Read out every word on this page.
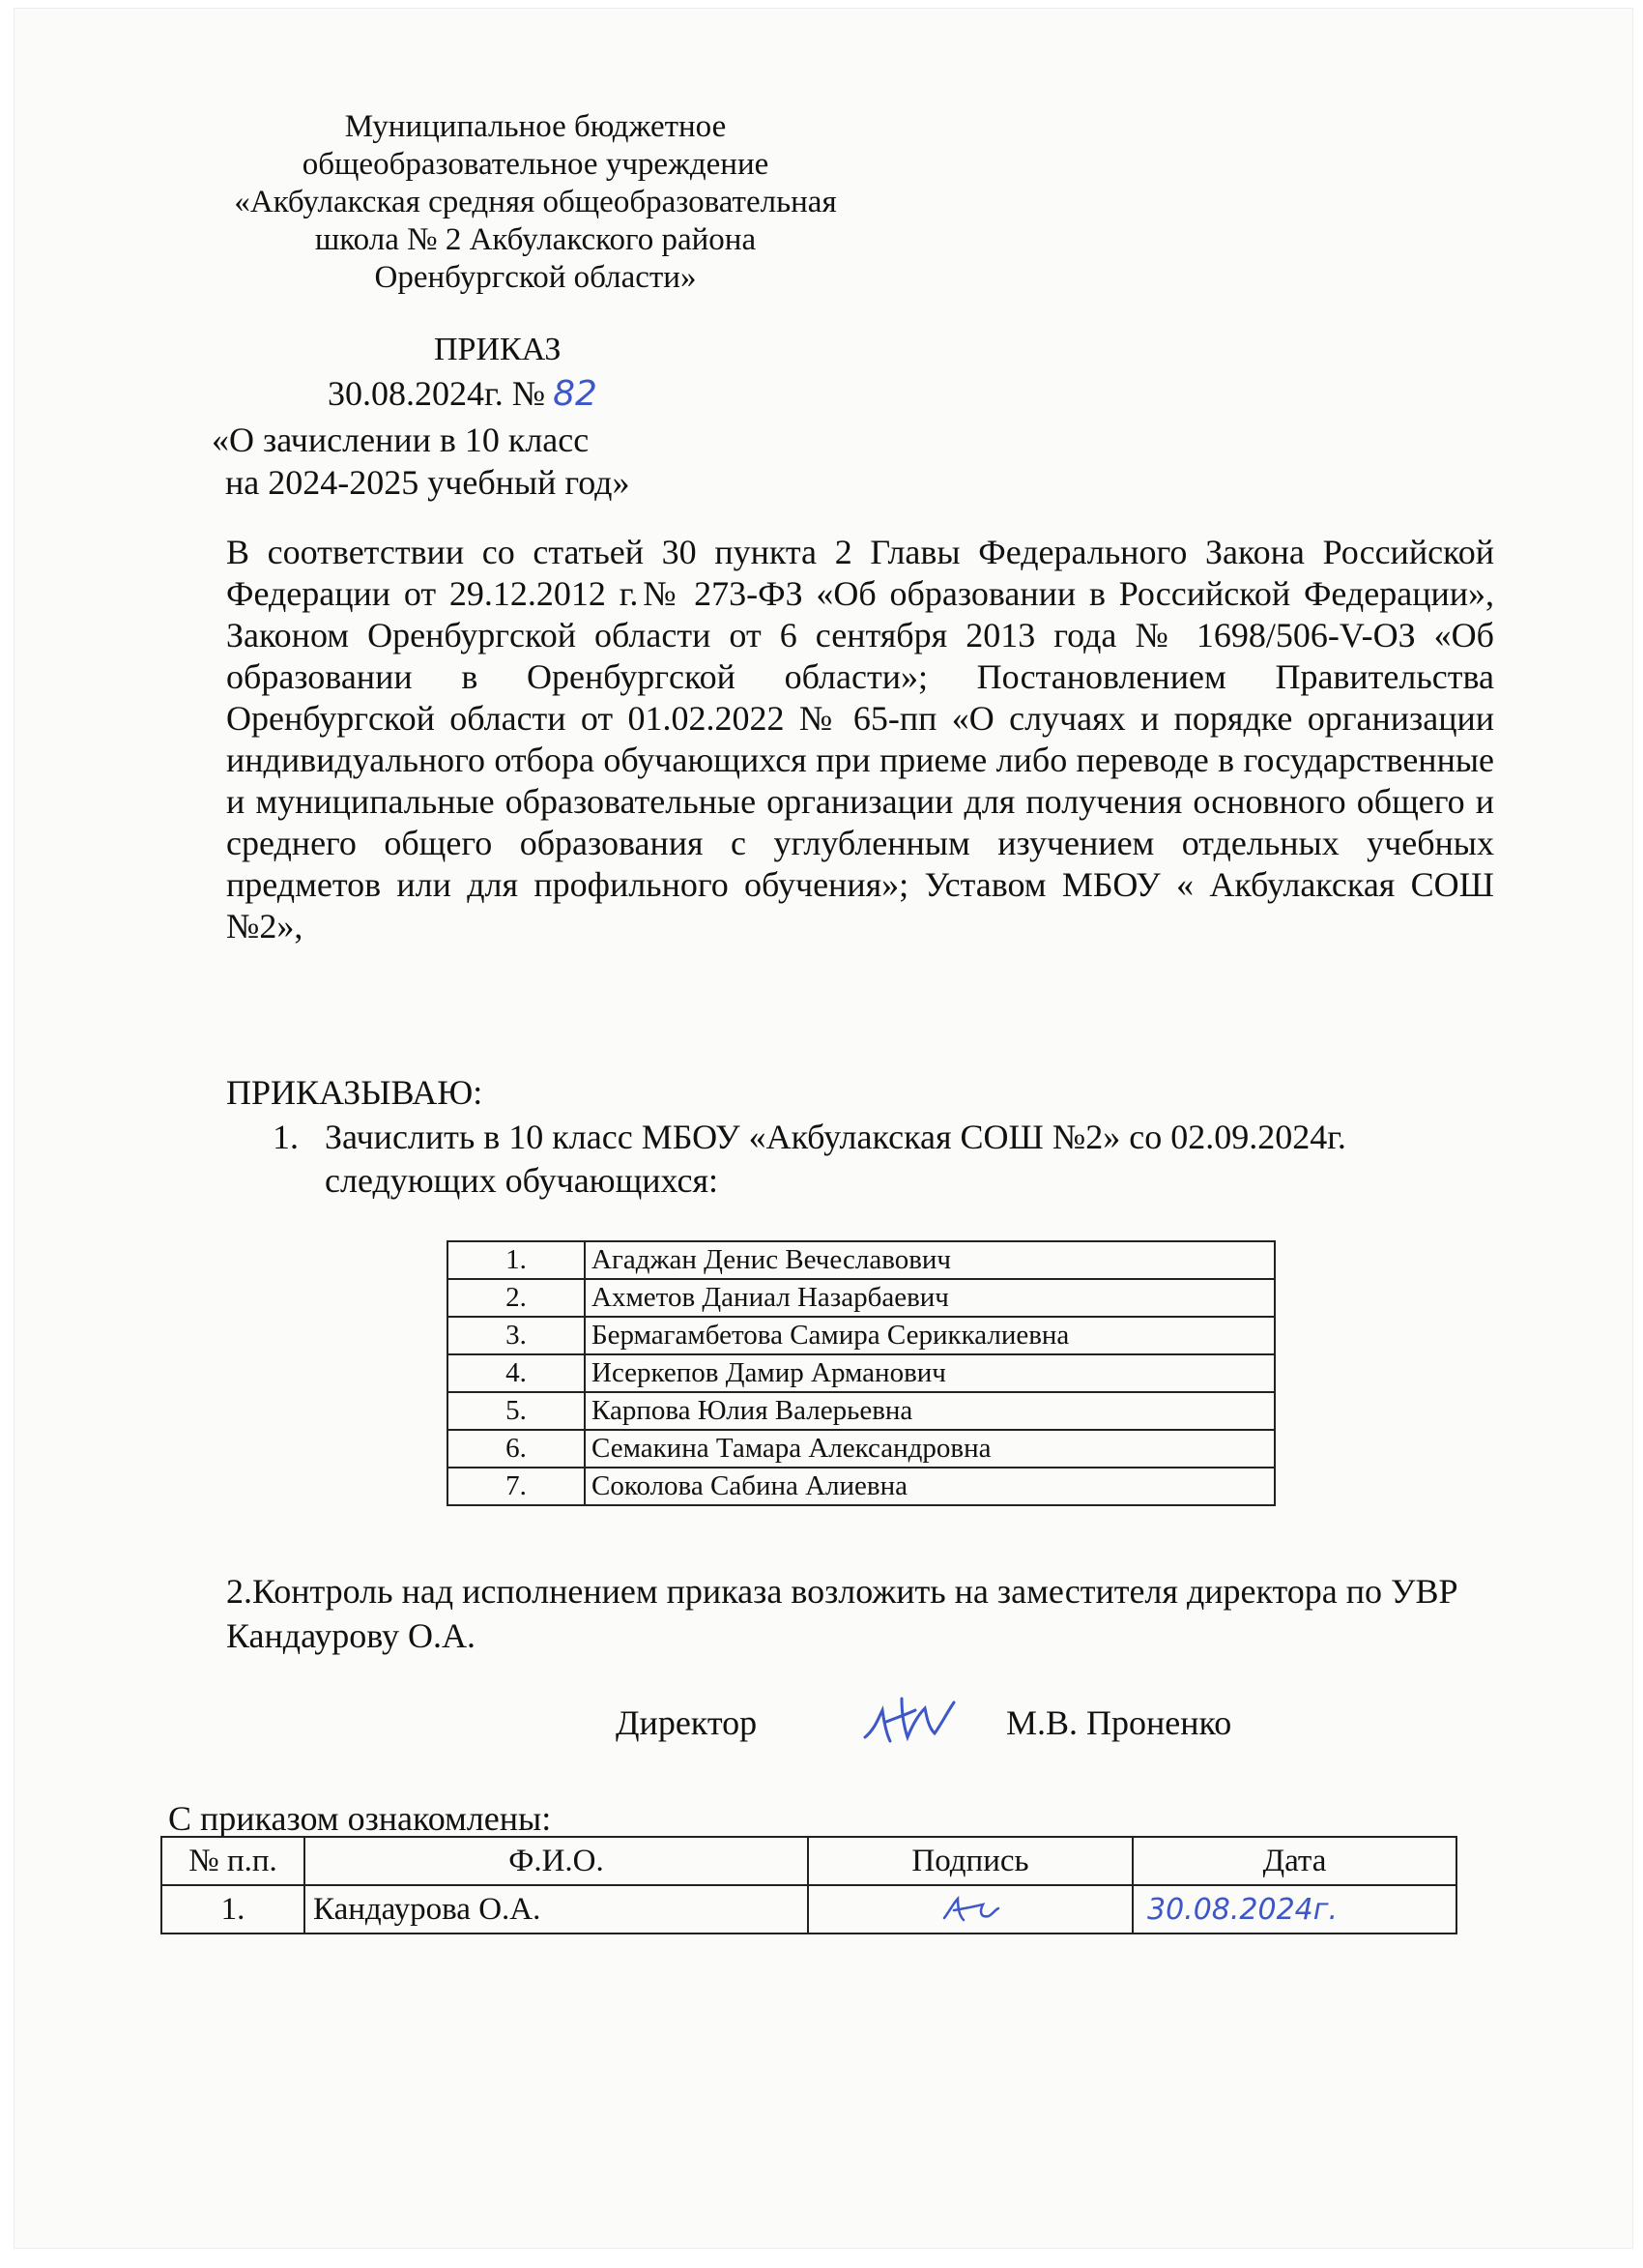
Муниципальное бюджетное
общеобразовательное учреждение
«Акбулакская средняя общеобразовательная
школа № 2 Акбулакского района
Оренбургской области»
ПРИКАЗ
30.08.2024г. № 82
«О зачислении в 10 класс
на 2024-2025 учебный год»
В соответствии со статьей 30 пункта 2 Главы Федерального Закона Российской Федерации от 29.12.2012 г.№ 273-ФЗ «Об образовании в Российской Федерации», Законом Оренбургской области от 6 сентября 2013 года № 1698/506-V-ОЗ «Об образовании в Оренбургской области»; Постановлением Правительства Оренбургской области от 01.02.2022 № 65-пп «О случаях и порядке организации индивидуального отбора обучающихся при приеме либо переводе в государственные и муниципальные образовательные организации для получения основного общего и среднего общего образования с углубленным изучением отдельных учебных предметов или для профильного обучения»; Уставом МБОУ « Акбулакская СОШ №2»,
ПРИКАЗЫВАЮ:
1. Зачислить в 10 класс МБОУ «Акбулакская СОШ №2» со 02.09.2024г. следующих обучающихся:
1.	Агаджан Денис Вечеславович
2.	Ахметов Даниал Назарбаевич
3.	Бермагамбетова Самира Сериккалиевна
4.	Исеркепов Дамир Арманович
5.	Карпова Юлия Валерьевна
6.	Семакина Тамара Александровна
7.	Соколова Сабина Алиевна
2.Контроль над исполнением приказа возложить на заместителя директора по УВР Кандаурову О.А.
Директор	М.В. Проненко
С приказом ознакомлены:
№ п.п.	Ф.И.О.	Подпись	Дата
1.	Кандаурова О.А.		30.08.2024г.
